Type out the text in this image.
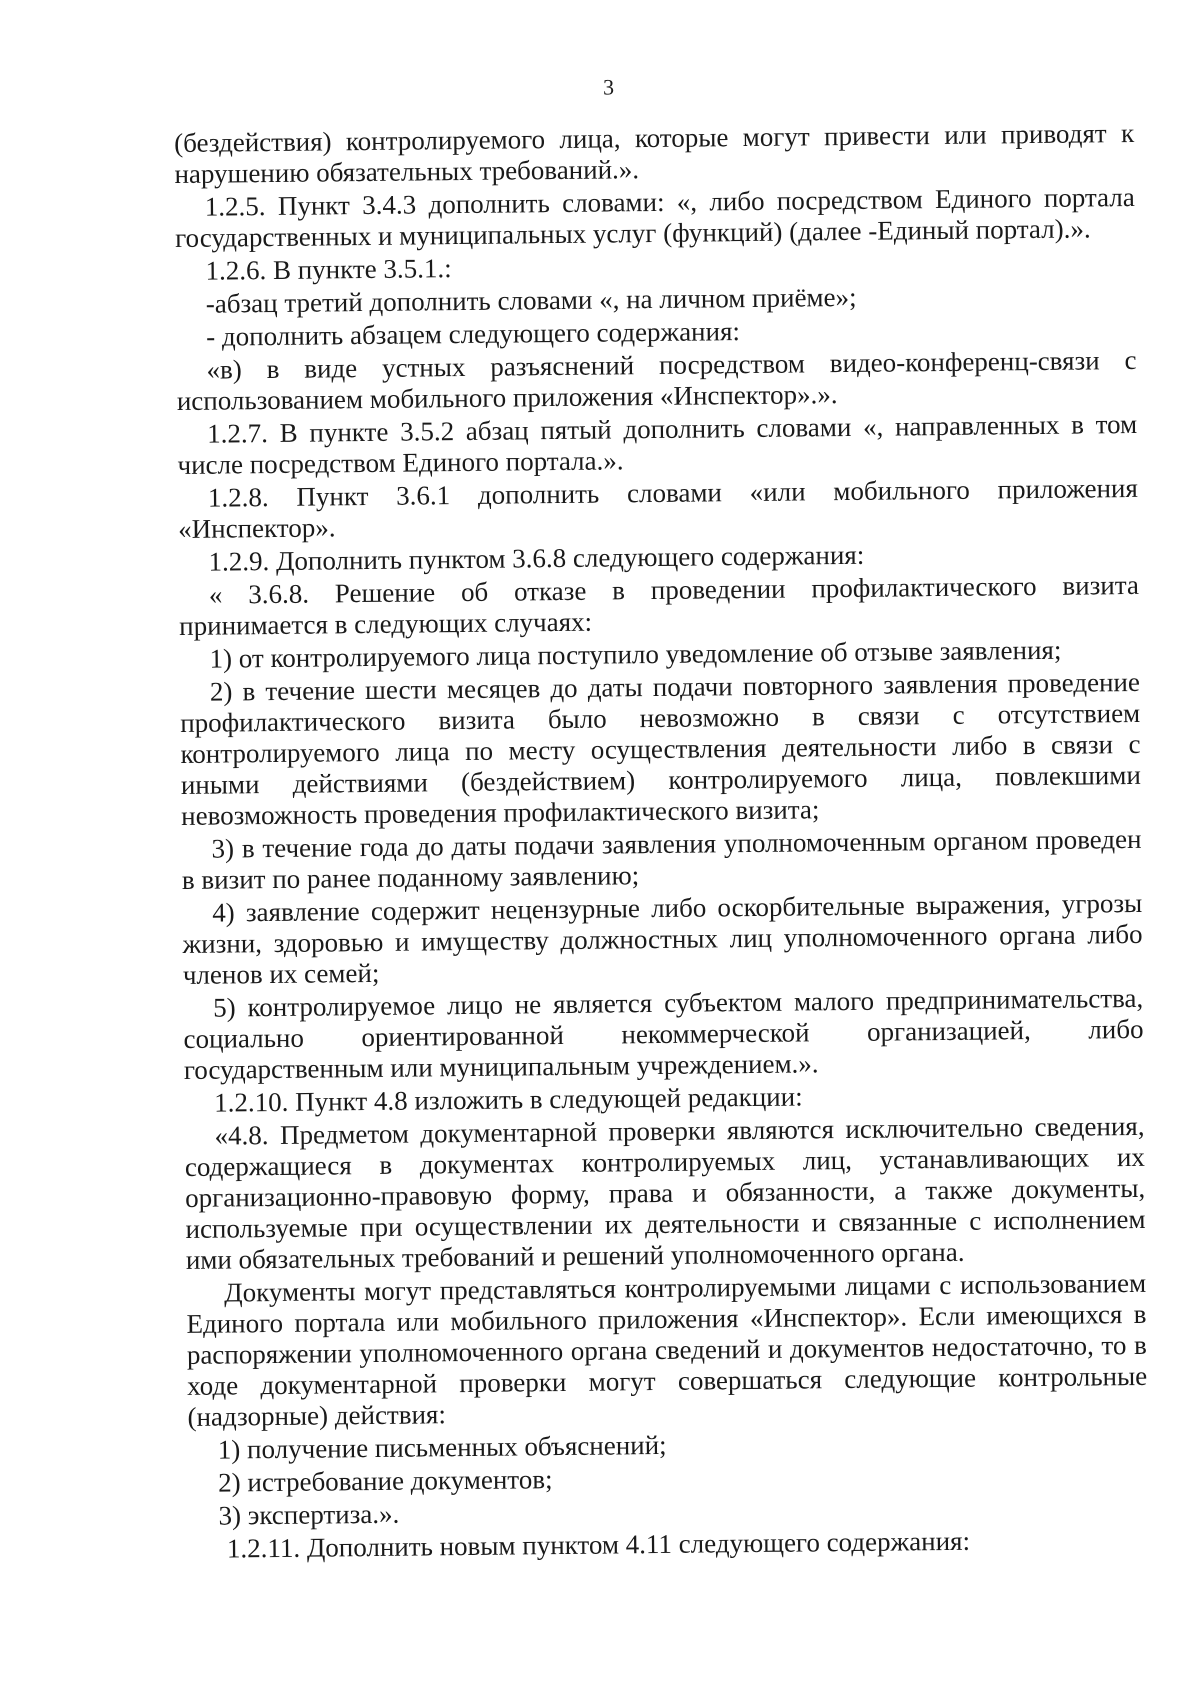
3

(бездействия) контролируемого лица, которые могут привести или приводят к нарушению обязательных требований.».

1.2.5. Пункт 3.4.3 дополнить словами: «, либо посредством Единого портала государственных и муниципальных услуг (функций) (далее -Единый портал).».

1.2.6. В пункте 3.5.1.:

-абзац третий дополнить словами «, на личном приёме»;

- дополнить абзацем следующего содержания:

«в) в виде устных разъяснений посредством видео-конференц-связи с использованием мобильного приложения «Инспектор».».

1.2.7. В пункте 3.5.2 абзац пятый дополнить словами «, направленных в том числе посредством Единого портала.».

1.2.8. Пункт 3.6.1 дополнить словами «или мобильного приложения «Инспектор».

1.2.9. Дополнить пунктом 3.6.8 следующего содержания:

« 3.6.8. Решение об отказе в проведении профилактического визита принимается в следующих случаях:

1) от контролируемого лица поступило уведомление об отзыве заявления;

2) в течение шести месяцев до даты подачи повторного заявления проведение профилактического визита было невозможно в связи с отсутствием контролируемого лица по месту осуществления деятельности либо в связи с иными действиями (бездействием) контролируемого лица, повлекшими невозможность проведения профилактического визита;

3) в течение года до даты подачи заявления уполномоченным органом проведен в визит по ранее поданному заявлению;

4) заявление содержит нецензурные либо оскорбительные выражения, угрозы жизни, здоровью и имуществу должностных лиц уполномоченного органа либо членов их семей;

5) контролируемое лицо не является субъектом малого предпринимательства, социально ориентированной некоммерческой организацией, либо государственным или муниципальным учреждением.».

1.2.10. Пункт 4.8 изложить в следующей редакции:

«4.8. Предметом документарной проверки являются исключительно сведения, содержащиеся в документах контролируемых лиц, устанавливающих их организационно-правовую форму, права и обязанности, а также документы, используемые при осуществлении их деятельности и связанные с исполнением ими обязательных требований и решений уполномоченного органа.

Документы могут представляться контролируемыми лицами с использованием Единого портала или мобильного приложения «Инспектор». Если имеющихся в распоряжении уполномоченного органа сведений и документов недостаточно, то в ходе документарной проверки могут совершаться следующие контрольные (надзорные) действия:

1) получение письменных объяснений;

2) истребование документов;

3) экспертиза.».

1.2.11. Дополнить новым пунктом 4.11 следующего содержания:
